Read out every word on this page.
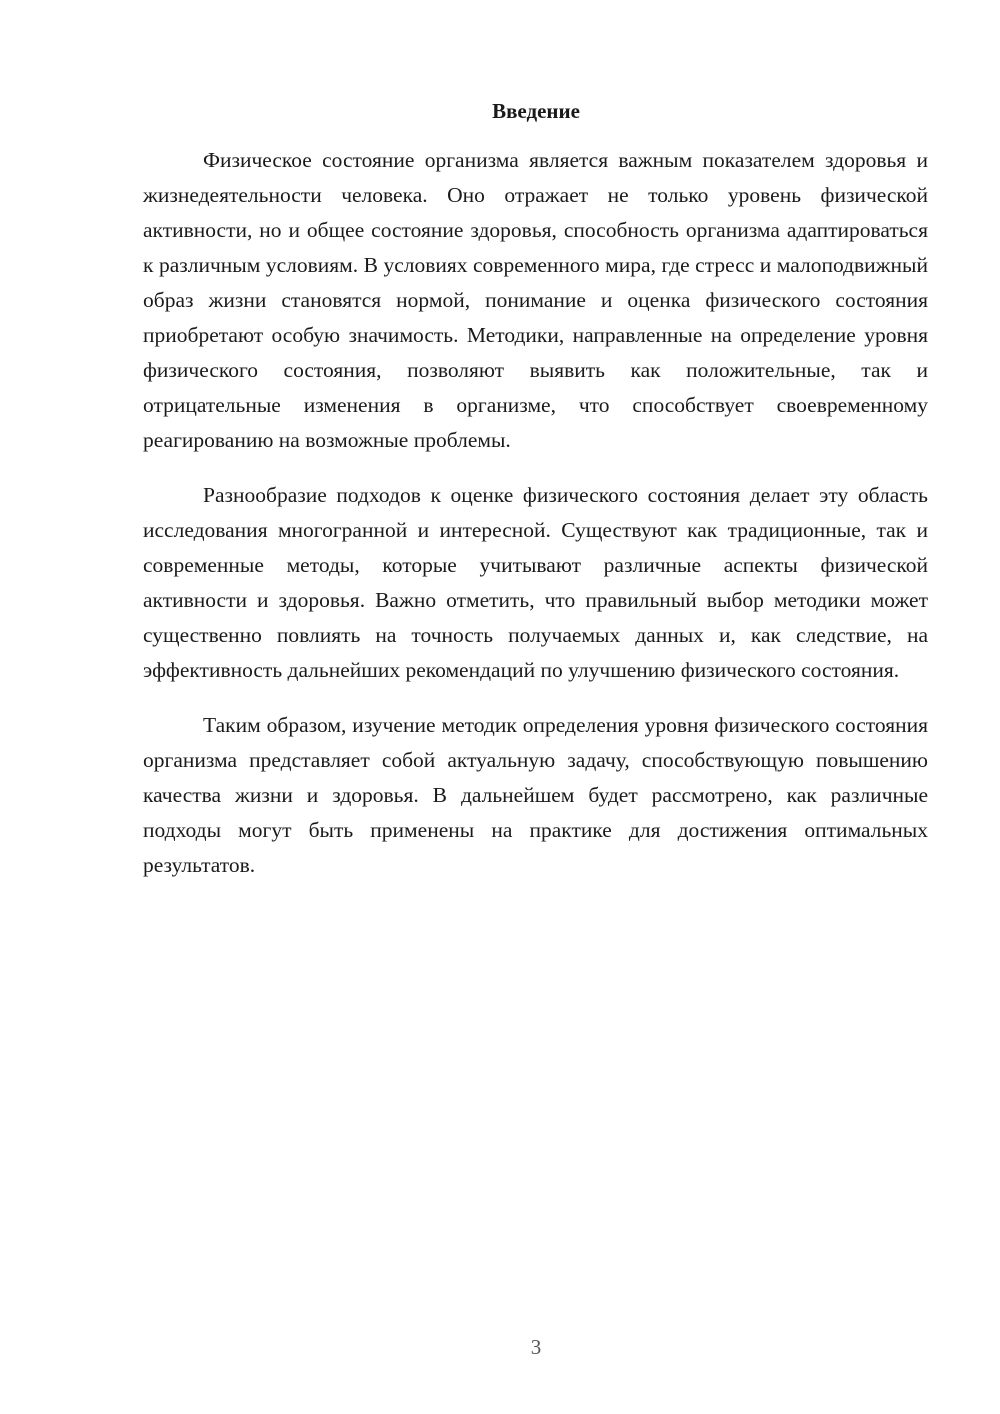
Введение

Физическое состояние организма является важным показателем здоровья и жизнедеятельности человека. Оно отражает не только уровень физической активности, но и общее состояние здоровья, способность организма адаптироваться к различным условиям. В условиях современного мира, где стресс и малоподвижный образ жизни становятся нормой, понимание и оценка физического состояния приобретают особую значимость. Методики, направленные на определение уровня физического состояния, позволяют выявить как положительные, так и отрицательные изменения в организме, что способствует своевременному реагированию на возможные проблемы.

Разнообразие подходов к оценке физического состояния делает эту область исследования многогранной и интересной. Существуют как традиционные, так и современные методы, которые учитывают различные аспекты физической активности и здоровья. Важно отметить, что правильный выбор методики может существенно повлиять на точность получаемых данных и, как следствие, на эффективность дальнейших рекомендаций по улучшению физического состояния.

Таким образом, изучение методик определения уровня физического состояния организма представляет собой актуальную задачу, способствующую повышению качества жизни и здоровья. В дальнейшем будет рассмотрено, как различные подходы могут быть применены на практике для достижения оптимальных результатов.

3
